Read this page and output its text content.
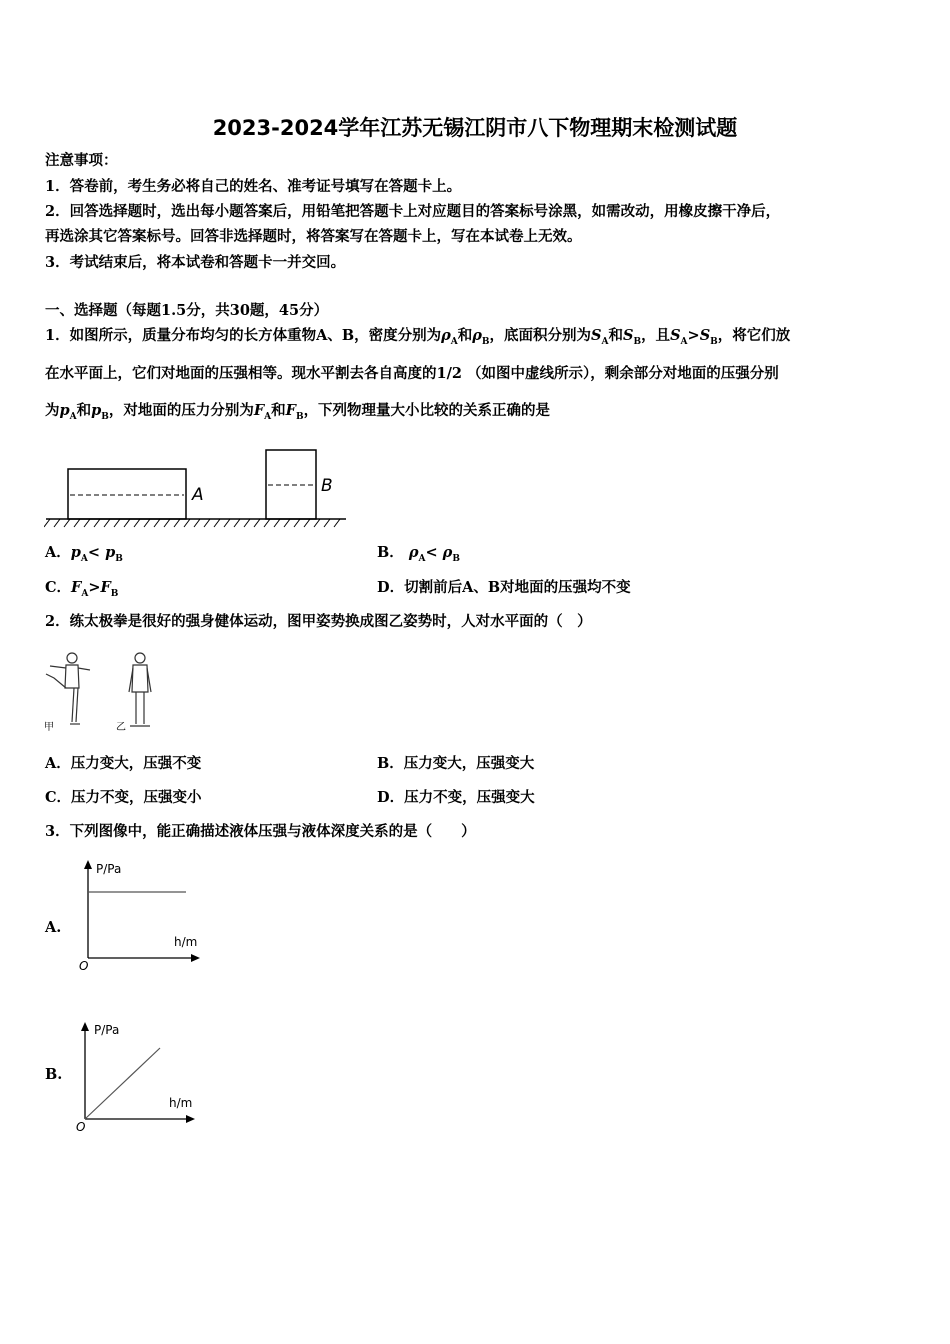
2023-2024学年江苏无锡江阴市八下物理期末检测试题
注意事项：
1．答卷前，考生务必将自己的姓名、准考证号填写在答题卡上。
2．回答选择题时，选出每小题答案后，用铅笔把答题卡上对应题目的答案标号涂黑，如需改动，用橡皮擦干净后，
再选涂其它答案标号。回答非选择题时，将答案写在答题卡上，写在本试卷上无效。
3．考试结束后，将本试卷和答题卡一并交回。
一、选择题（每题1.5分，共30题，45分）
1．如图所示，质量分布均匀的长方体重物A、B，密度分别为$\rho_A$和$\rho_B$，底面积分别为$S_A$和$S_B$，且$S_A>S_B$，将它们放
在水平面上，它们对地面的压强相等。现水平割去各自高度的1/2 （如图中虚线所示），剩余部分对地面的压强分别
为$p_A$和$p_B$，对地面的压力分别为$F_A$和$F_B$，下列物理量大小比较的关系正确的是
A	B
A．$p_A< p_B$	B． $\rho_A< \rho_B$
C．$F_A>F_B$	D．切割前后A、B对地面的压强均不变
2．练太极拳是很好的强身健体运动，图甲姿势换成图乙姿势时，人对水平面的（　）
甲	乙
A．压力变大，压强不变	B．压力变大，压强变大
C．压力不变，压强变小	D．压力不变，压强变大
3．下列图像中，能正确描述液体压强与液体深度关系的是（　　）
A.
P/Pa
h/m
O
B.
P/Pa
h/m
O
